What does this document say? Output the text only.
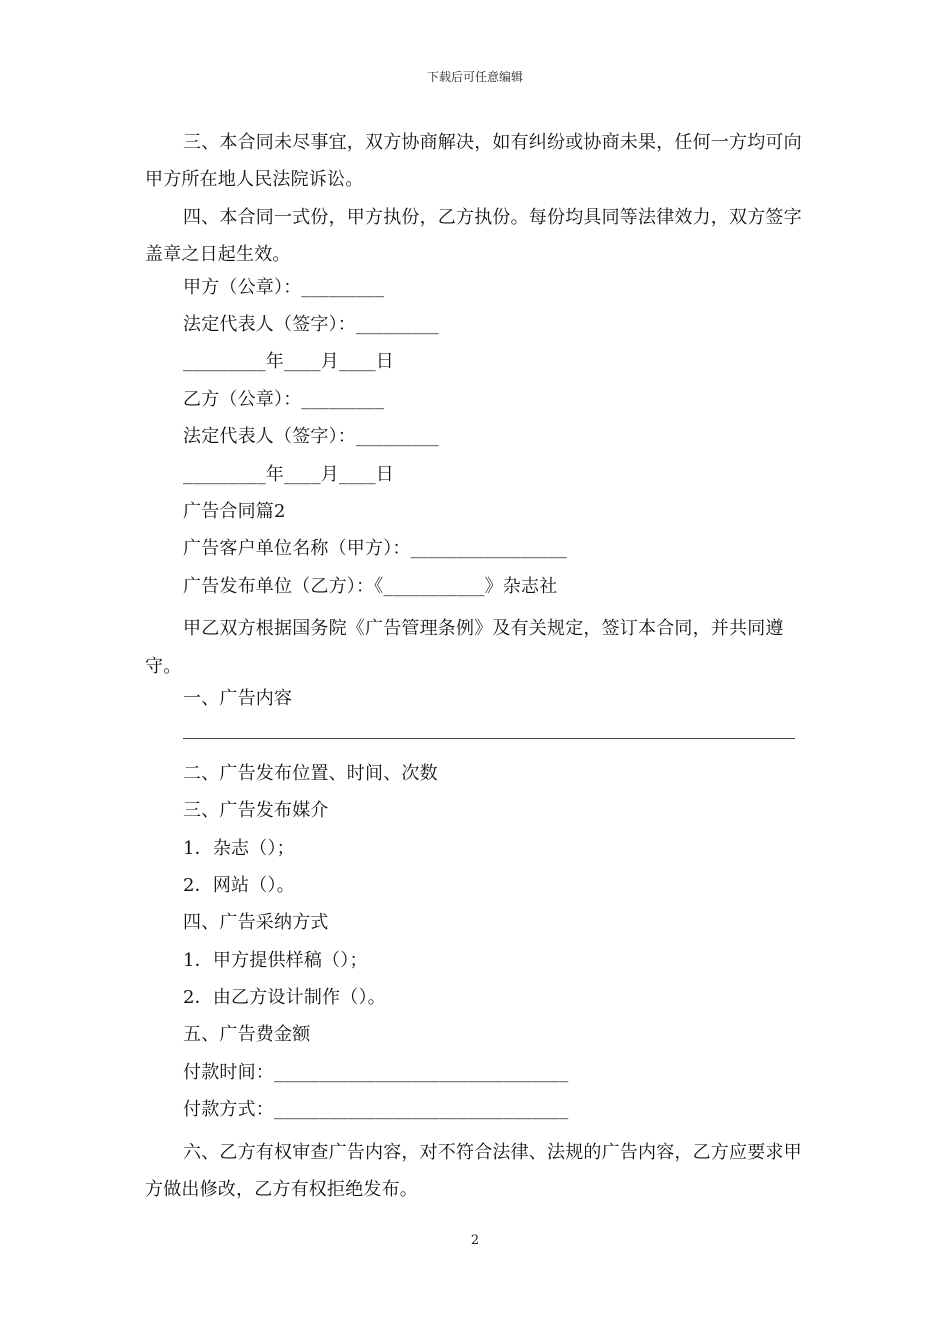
下载后可任意编辑
三、本合同未尽事宜，双方协商解决，如有纠纷或协商未果，任何一方均可向甲方所在地人民法院诉讼。
四、本合同一式份，甲方执份，乙方执份。每份均具同等法律效力，双方签字盖章之日起生效。
甲方（公章）：_________
法定代表人（签字）：_________
_________年____月____日
乙方（公章）：_________
法定代表人（签字）：_________
_________年____月____日
广告合同篇2
广告客户单位名称（甲方）：_________________
广告发布单位（乙方）：《___________》杂志社
甲乙双方根据国务院《广告管理条例》及有关规定，签订本合同，并共同遵守。
一、广告内容
二、广告发布位置、时间、次数
三、广告发布媒介
1．杂志（）；
2．网站（）。
四、广告采纳方式
1．甲方提供样稿（）；
2．由乙方设计制作（）。
五、广告费金额
付款时间：________________________________
付款方式：________________________________
六、乙方有权审查广告内容，对不符合法律、法规的广告内容，乙方应要求甲方做出修改，乙方有权拒绝发布。
2
